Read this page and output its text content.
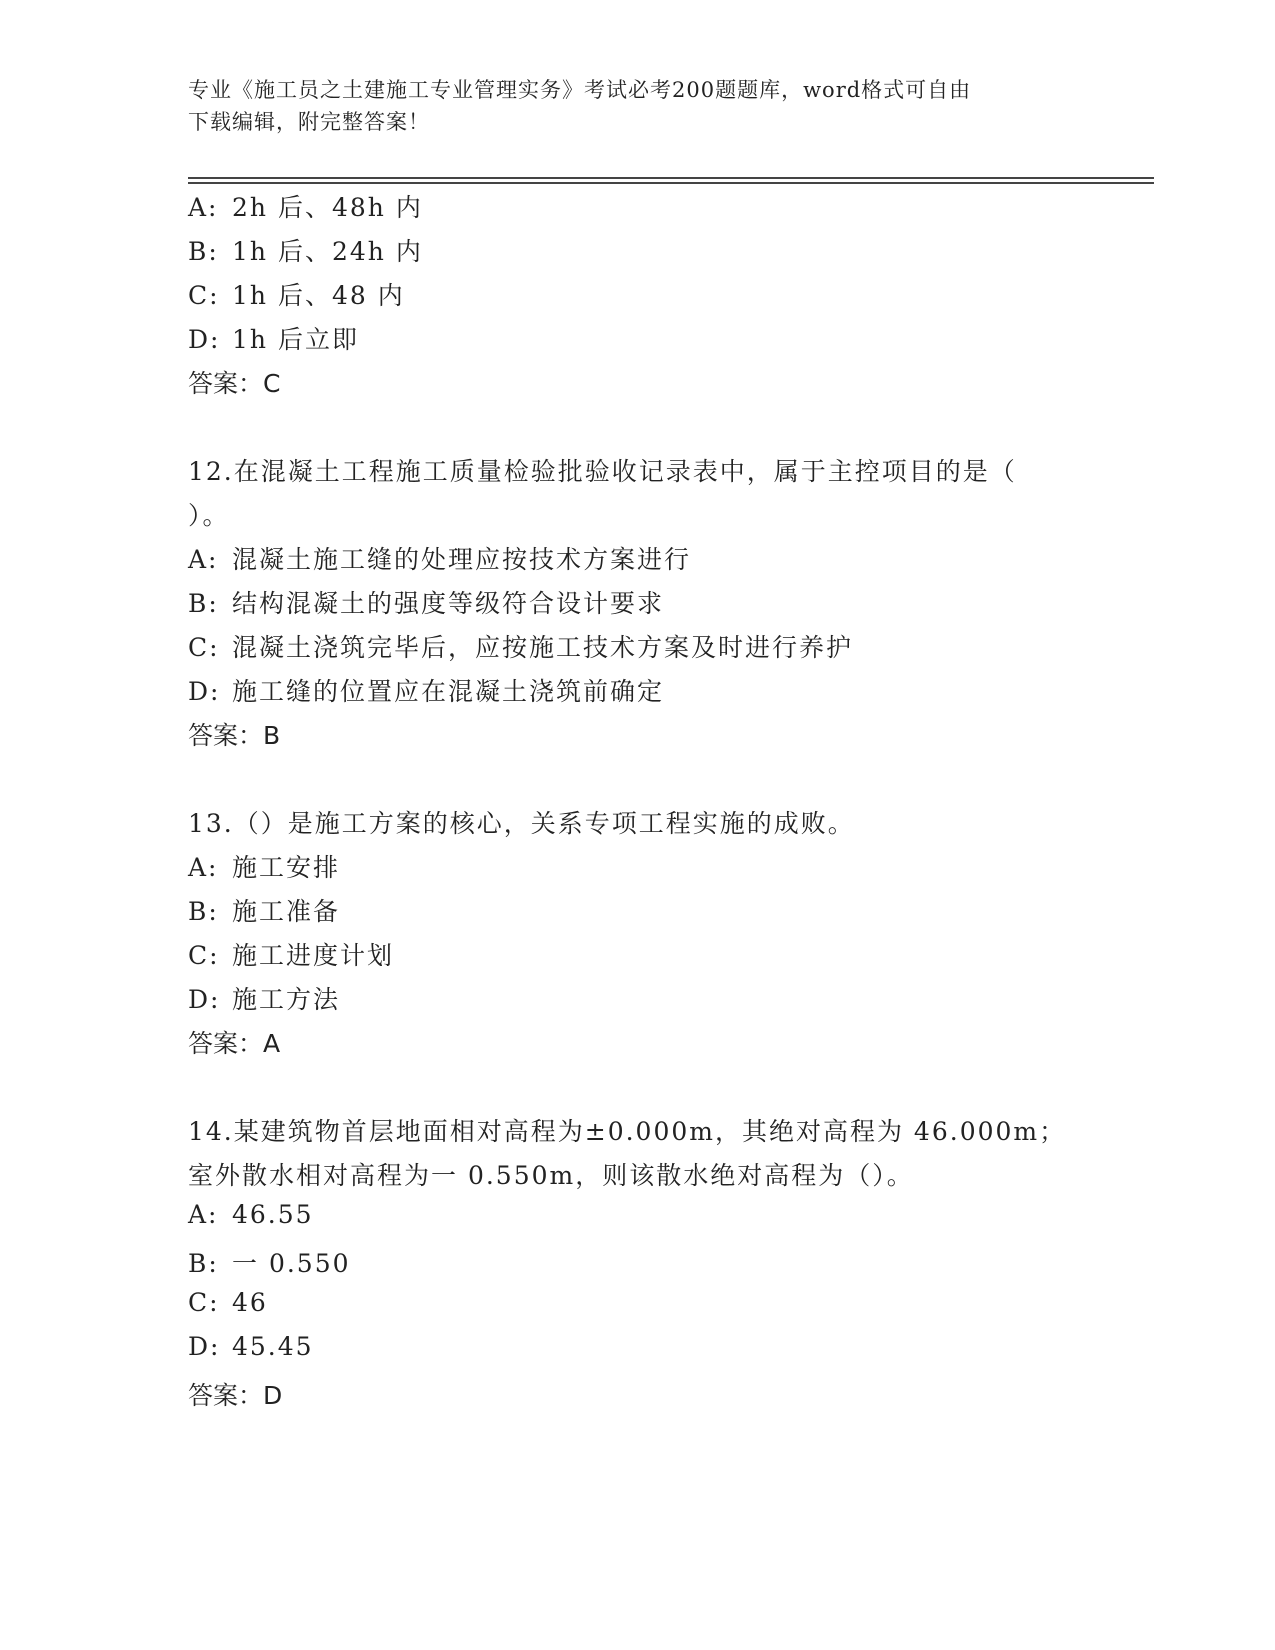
专业《施工员之土建施工专业管理实务》考试必考200题题库，word格式可自由
下载编辑，附完整答案！
A: 2h 后、48h 内
B: 1h 后、24h 内
C: 1h 后、48 内
D: 1h 后立即
答案：C
12.在混凝土工程施工质量检验批验收记录表中，属于主控项目的是（
）。
A: 混凝土施工缝的处理应按技术方案进行
B: 结构混凝土的强度等级符合设计要求
C: 混凝土浇筑完毕后，应按施工技术方案及时进行养护
D: 施工缝的位置应在混凝土浇筑前确定
答案：B
13.（）是施工方案的核心，关系专项工程实施的成败。
A: 施工安排
B: 施工准备
C: 施工进度计划
D: 施工方法
答案：A
14.某建筑物首层地面相对高程为±0.000m，其绝对高程为 46.000m；
室外散水相对高程为一 0.550m，则该散水绝对高程为（）。
A: 46.55
B: 一 0.550
C: 46
D: 45.45
答案：D
